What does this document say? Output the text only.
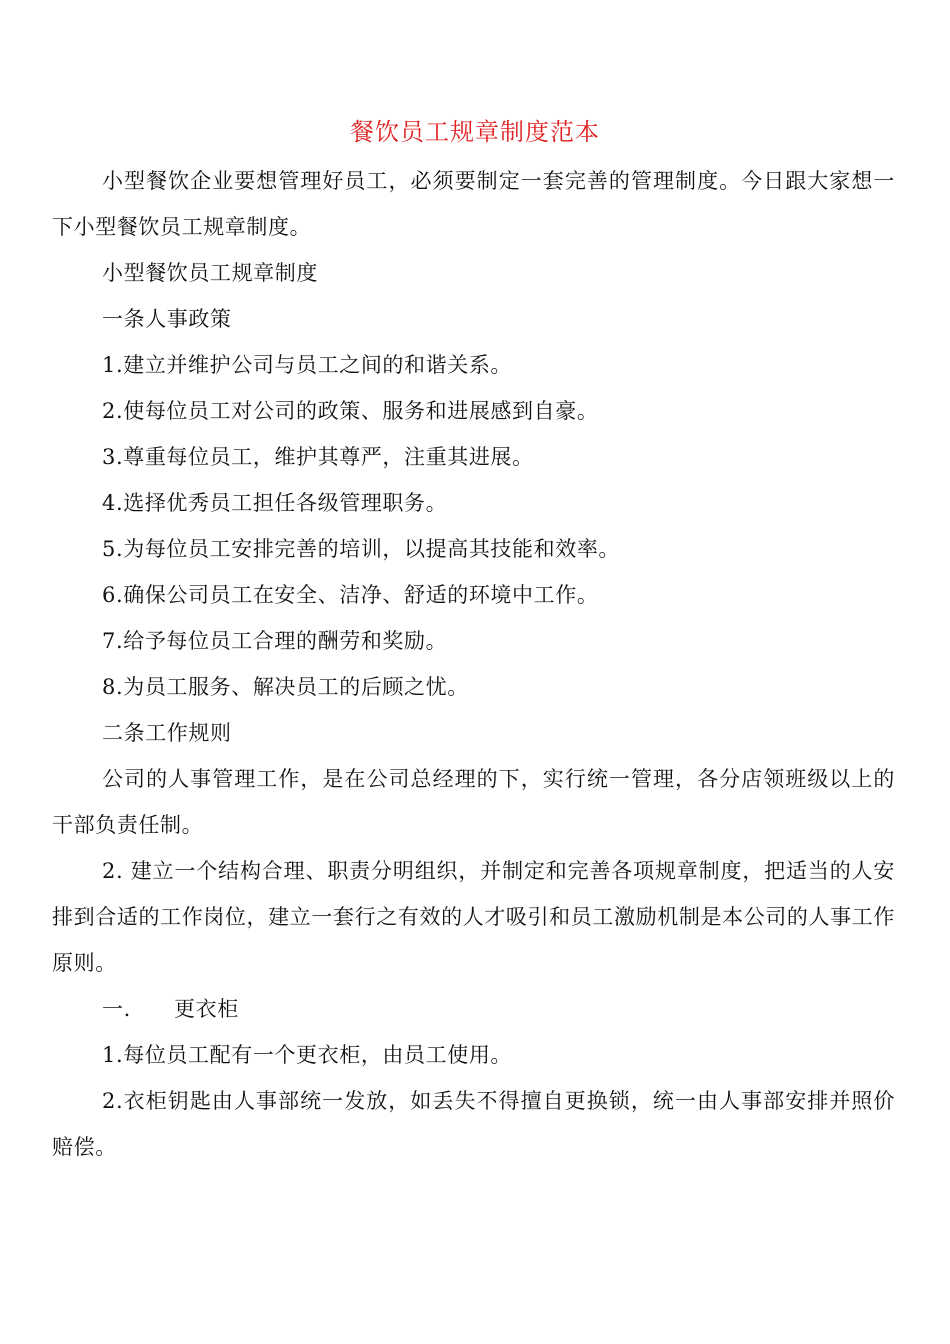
餐饮员工规章制度范本
小型餐饮企业要想管理好员工，必须要制定一套完善的管理制度。今日跟大家想一下小型餐饮员工规章制度。
小型餐饮员工规章制度
一条人事政策
1.建立并维护公司与员工之间的和谐关系。
2.使每位员工对公司的政策、服务和进展感到自豪。
3.尊重每位员工，维护其尊严，注重其进展。
4.选择优秀员工担任各级管理职务。
5.为每位员工安排完善的培训，以提高其技能和效率。
6.确保公司员工在安全、洁净、舒适的环境中工作。
7.给予每位员工合理的酬劳和奖励。
8.为员工服务、解决员工的后顾之忧。
二条工作规则
公司的人事管理工作，是在公司总经理的下，实行统一管理，各分店领班级以上的干部负责任制。
2. 建立一个结构合理、职责分明组织，并制定和完善各项规章制度，把适当的人安排到合适的工作岗位，建立一套行之有效的人才吸引和员工激励机制是本公司的人事工作原则。
一. 更衣柜
1.每位员工配有一个更衣柜，由员工使用。
2.衣柜钥匙由人事部统一发放，如丢失不得擅自更换锁，统一由人事部安排并照价赔偿。
